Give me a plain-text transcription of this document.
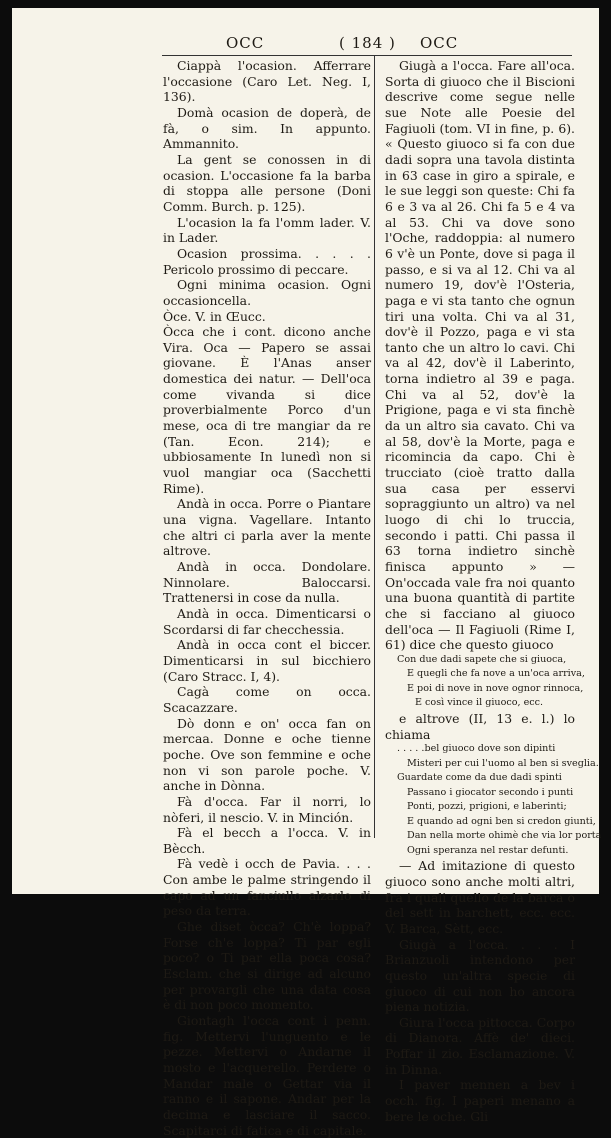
OCC	( 184 ) OCC

Ciappà l'ocasion. Afferrare l'occasione (Caro Let. Neg. I, 136).

Domà ocasion de doperà, de fà, o sim. In appunto. Ammannito.

La gent se conossen in di ocasion. L'occasione fa la barba di stoppa alle persone (Doni Comm. Burch. p. 125).

L'ocasion la fa l'omm lader. V. in Lader.

Ocasion prossima. . . . . Pericolo prossimo di peccare.

Ogni minima ocasion. Ogni occasioncella.

Òce. V. in Œucc.

Òcca che i cont. dicono anche Vira. Oca — Papero se assai giovane. È l'Anas anser domestica dei natur. — Dell'oca come vivanda si dice proverbialmente Porco d'un mese, oca di tre mangiar da re (Tan. Econ. 214); e ubbiosamente In lunedì non si vuol mangiar oca (Sacchetti Rime).

Andà in occa. Porre o Piantare una vigna. Vagellare. Intanto che altri ci parla aver la mente altrove.

Andà in occa. Dondolare. Ninnolare. Baloccarsi. Trattenersi in cose da nulla.

Andà in occa. Dimenticarsi o Scordarsi di far checchessia.

Andà in occa cont el biccer. Dimenticarsi in sul bicchiero (Caro Stracc. I, 4).

Cagà come on occa. Scacazzare.

Dò donn e on' occa fan on mercaa. Donne e oche tienne poche. Ove son femmine e oche non vi son parole poche. V. anche in Dònna.

Fà d'occa. Far il norri, lo nòferi, il nescio. V. in Minción.

Fà el becch a l'occa. V. in Bècch.

Fà vedè i occh de Pavia. . . . Con ambe le palme stringendo il capo ad un fanciullo alzarlo di peso da terra.

Ghe diset òcca? Ch'è loppa? Forse ch'e loppa? Ti par egli poco? o Ti par ella poca cosa? Esclam. che si dirige ad alcuno per provargli che una data cosa è di non poco momento.

Giontagh l'occa cont i penn. fig. Mettervi l'unguento e le pezze. Mettervi o Andarne il mosto e l'acquerello. Perdere o Mandar male o Gettar via il ranno e il sapone. Andar per la decima e lasciare il sacco. Scapitarci di fatica e di capitale.

Giugà a l'occa. Fare all'oca. Sorta di giuoco che il Biscioni descrive come segue nelle sue Note alle Poesie del Fagiuoli (tom. VI in fine, p. 6). « Questo giuoco si fa con due dadi sopra una tavola distinta in 63 case in giro a spirale, e le sue leggi son queste: Chi fa 6 e 3 va al 26. Chi fa 5 e 4 va al 53. Chi va dove sono l'Oche, raddoppia: al numero 6 v'è un Ponte, dove si paga il passo, e si va al 12. Chi va al numero 19, dov'è l'Osteria, paga e vi sta tanto che ognun tiri una volta. Chi va al 31, dov'è il Pozzo, paga e vi sta tanto che un altro lo cavi. Chi va al 42, dov'è il Laberinto, torna indietro al 39 e paga. Chi va al 52, dov'è la Prigione, paga e vi sta finchè da un altro sia cavato. Chi va al 58, dov'è la Morte, paga e ricomincia da capo. Chi è trucciato (cioè tratto dalla sua casa per esservi sopraggiunto un altro) va nel luogo di chi lo truccia, secondo i patti. Chi passa il 63 torna indietro sinchè finisca appunto » — On'occada vale fra noi quanto una buona quantità di partite che si facciano al giuoco dell'oca — Il Fagiuoli (Rime I, 61) dice che questo giuoco

Con due dadi sapete che si giuoca,

E quegli che fa nove a un'oca arriva,

E poi di nove in nove ognor rinnoca,

E così vince il giuoco, ecc.

e altrove (II, 13 e. l.) lo chiama

. . . . .bel giuoco dove son dipinti

Misteri per cui l'uomo al ben si sveglia.

Guardate come da due dadi spinti

Passano i giocator secondo i punti

Ponti, pozzi, prigioni, e laberinti;

E quando ad ogni ben si credon giunti,

Dan nella morte ohimè che via lor porta

Ogni speranza nel restar defunti.

— Ad imitazione di questo giuoco sono anche molti altri, fra i quali quello de la barca o del sett in barchett, ecc. ecc. V. Barca, Sètt, ecc.

Giugà a l'occa. . . . I Brianzuoli intendono per questo un'altra specie di giuoco di cui non ho ancora piena notizia.

Giura l'occa pittocca. Corpo di Dianora. Affè de' dieci. Poffar il zio. Esclamazione. V. in Dinna.

I paver mennen a bev i occh. fig. I paperi menano a bere le oche. Gli
